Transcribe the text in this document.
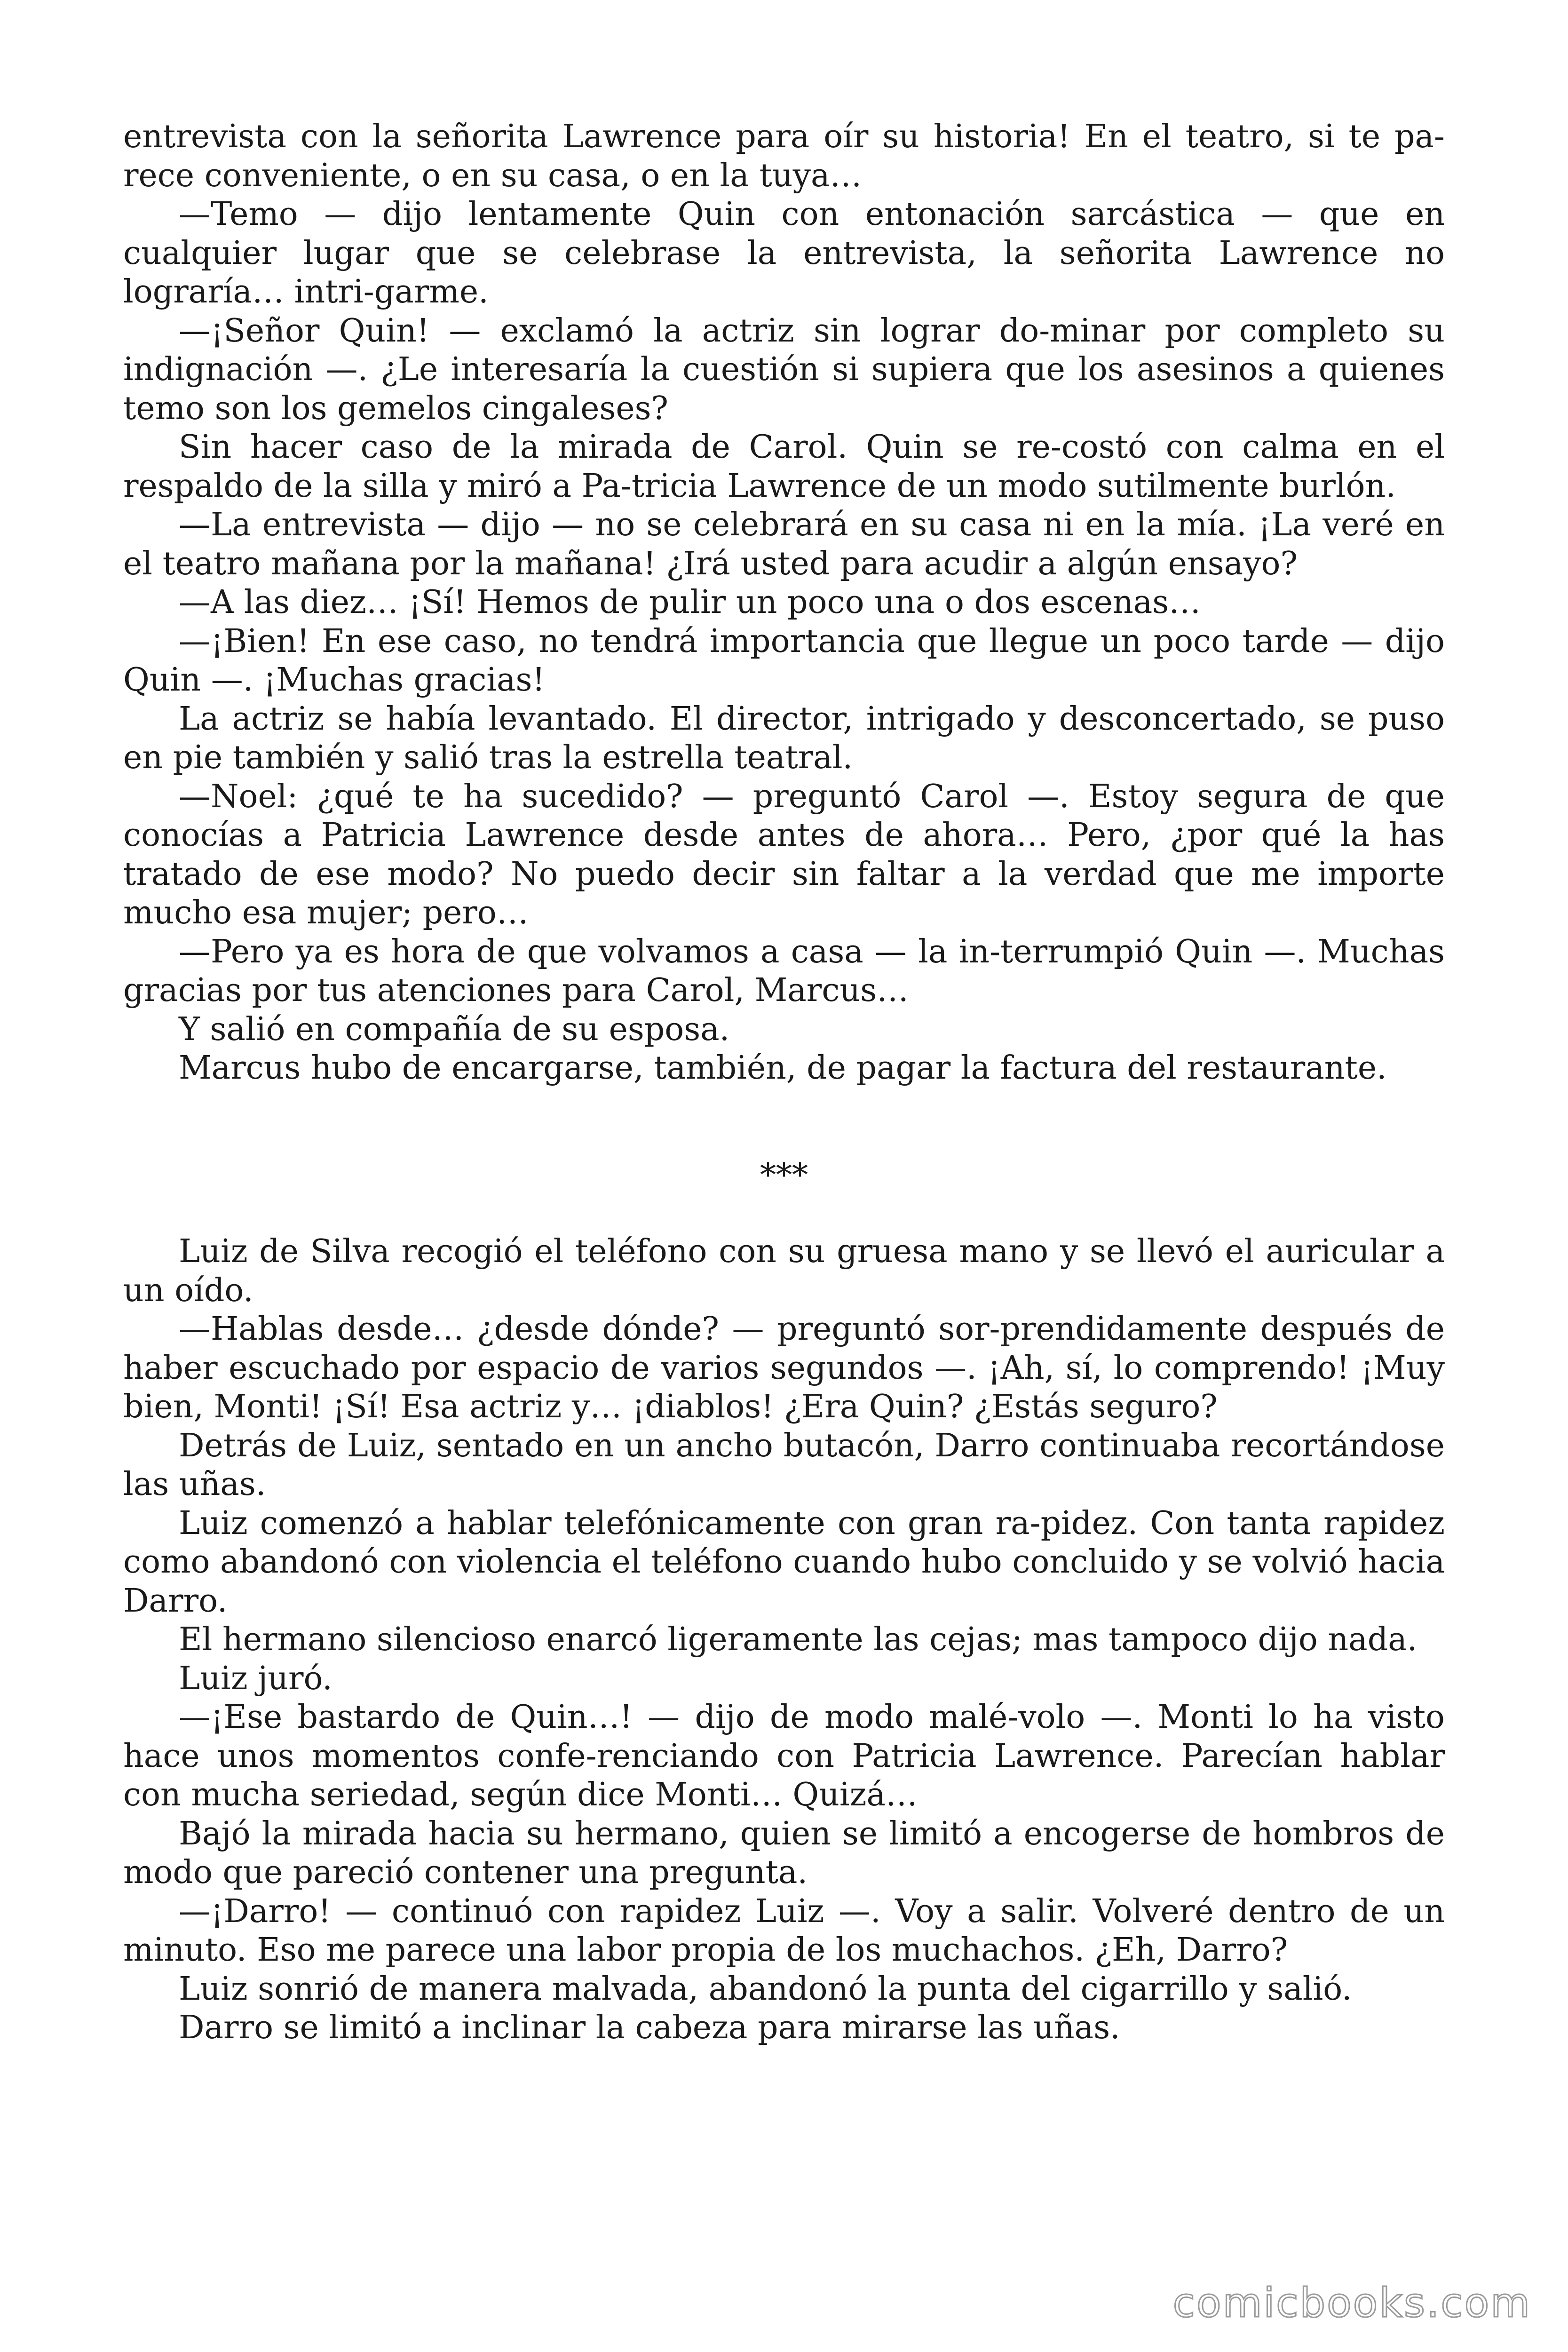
entrevista con la señorita Lawrence para oír su historia! En el teatro, si te pa-rece conveniente, o en su casa, o en la tuya…

—Temo — dijo lentamente Quin con entonación sarcástica — que en cualquier lugar que se celebrase la entrevista, la señorita Lawrence no lograría… intri-garme.

—¡Señor Quin! — exclamó la actriz sin lograr do-minar por completo su indignación —. ¿Le interesaría la cuestión si supiera que los asesinos a quienes temo son los gemelos cingaleses?

Sin hacer caso de la mirada de Carol. Quin se re-costó con calma en el respaldo de la silla y miró a Pa-tricia Lawrence de un modo sutilmente burlón.

—La entrevista — dijo — no se celebrará en su casa ni en la mía. ¡La veré en el teatro mañana por la mañana! ¿Irá usted para acudir a algún ensayo?

—A las diez… ¡Sí! Hemos de pulir un poco una o dos escenas…

—¡Bien! En ese caso, no tendrá importancia que llegue un poco tarde — dijo Quin —. ¡Muchas gracias!

La actriz se había levantado. El director, intrigado y desconcertado, se puso en pie también y salió tras la estrella teatral.

—Noel: ¿qué te ha sucedido? — preguntó Carol —. Estoy segura de que conocías a Patricia Lawrence desde antes de ahora… Pero, ¿por qué la has tratado de ese modo? No puedo decir sin faltar a la verdad que me importe mucho esa mujer; pero…

—Pero ya es hora de que volvamos a casa — la in-terrumpió Quin —. Muchas gracias por tus atenciones para Carol, Marcus…

Y salió en compañía de su esposa.

Marcus hubo de encargarse, también, de pagar la factura del restaurante.

***

Luiz de Silva recogió el teléfono con su gruesa mano y se llevó el auricular a un oído.

—Hablas desde… ¿desde dónde? — preguntó sor-prendidamente después de haber escuchado por espacio de varios segundos —. ¡Ah, sí, lo comprendo! ¡Muy bien, Monti! ¡Sí! Esa actriz y… ¡diablos! ¿Era Quin? ¿Estás seguro?

Detrás de Luiz, sentado en un ancho butacón, Darro continuaba recortándose las uñas.

Luiz comenzó a hablar telefónicamente con gran ra-pidez. Con tanta rapidez como abandonó con violencia el teléfono cuando hubo concluido y se volvió hacia Darro.

El hermano silencioso enarcó ligeramente las cejas; mas tampoco dijo nada.

Luiz juró.

—¡Ese bastardo de Quin…! — dijo de modo malé-volo —. Monti lo ha visto hace unos momentos confe-renciando con Patricia Lawrence. Parecían hablar con mucha seriedad, según dice Monti… Quizá…

Bajó la mirada hacia su hermano, quien se limitó a encogerse de hombros de modo que pareció contener una pregunta.

—¡Darro! — continuó con rapidez Luiz —. Voy a salir. Volveré dentro de un minuto. Eso me parece una labor propia de los muchachos. ¿Eh, Darro?

Luiz sonrió de manera malvada, abandonó la punta del cigarrillo y salió.

Darro se limitó a inclinar la cabeza para mirarse las uñas.

comicbooks.com
